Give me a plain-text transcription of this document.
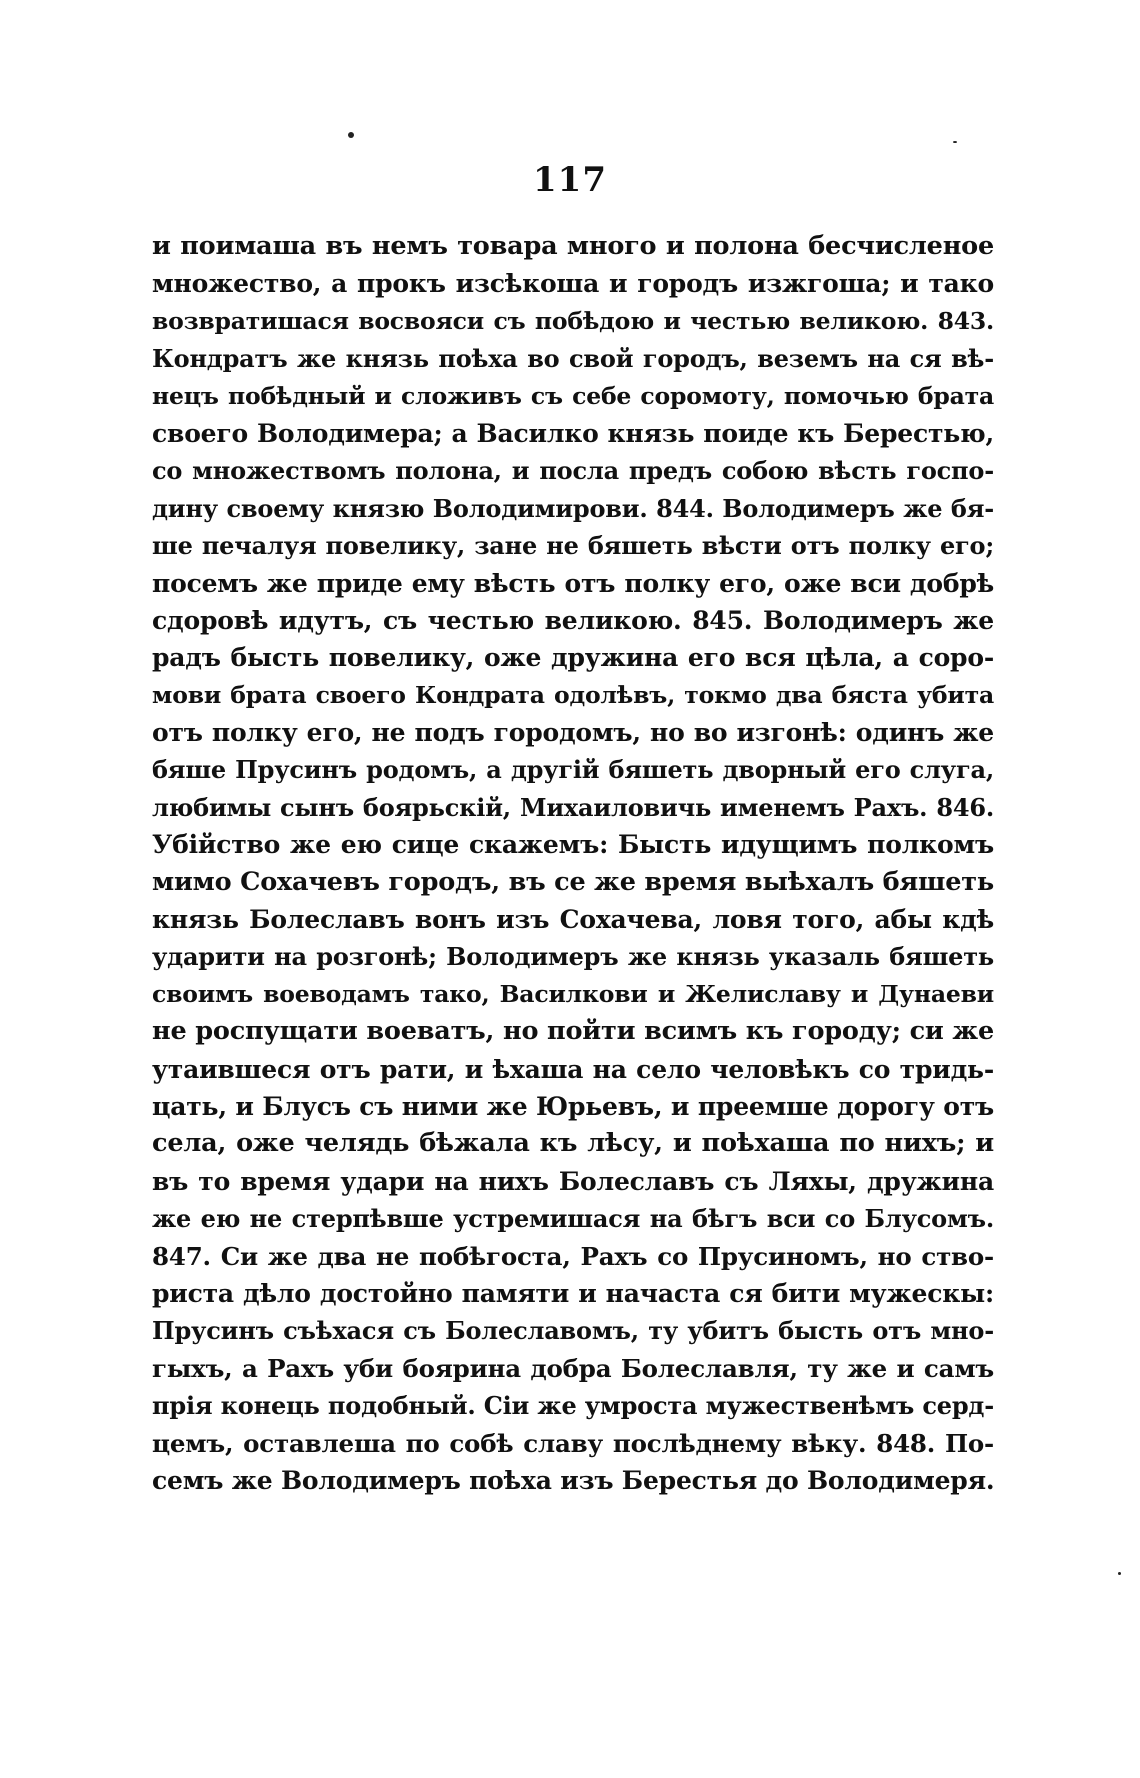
117
и поимаша въ немъ товара много и полона бесчисленое
множество, а прокъ изсѣкоша и городъ изжгоша; и тако
возвратишася восвояси съ побѣдою и честью великою. 843.
Кондратъ же князь поѣха во свой городъ, веземъ на ся вѣ-
нецъ побѣдный и сложивъ съ себе соромоту, помочью брата
своего Володимера; а Василко князь поиде къ Берестью,
со множествомъ полона, и посла предъ собою вѣсть госпо-
дину своему князю Володимирови. 844. Володимеръ же бя-
ше печалуя повелику, зане не бяшеть вѣсти отъ полку его;
посемъ же приде ему вѣсть отъ полку его, оже вси добрѣ
сдоровѣ идутъ, съ честью великою. 845. Володимеръ же
радъ бысть повелику, оже дружина его вся цѣла, а соро-
мови брата своего Кондрата одолѣвъ, токмо два бяста убита
отъ полку его, не подъ городомъ, но во изгонѣ: одинъ же
бяше Прусинъ родомъ, а другій бяшеть дворный его слуга,
любимы сынъ боярьскій, Михаиловичь именемъ Рахъ. 846.
Убійство же ею сице скажемъ: Бысть идущимъ полкомъ
мимо Сохачевъ городъ, въ се же время выѣхалъ бяшеть
князь Болеславъ вонъ изъ Сохачева, ловя того, абы кдѣ
ударити на розгонѣ; Володимеръ же князь указаль бяшеть
своимъ воеводамъ тако, Василкови и Желиславу и Дунаеви
не роспущати воеватъ, но пойти всимъ къ городу; си же
утаившеся отъ рати, и ѣхаша на село человѣкъ со тридь-
цать, и Блусъ съ ними же Юрьевъ, и преемше дорогу отъ
села, оже челядь бѣжала къ лѣсу, и поѣхаша по нихъ; и
въ то время удари на нихъ Болеславъ съ Ляхы, дружина
же ею не стерпѣвше устремишася на бѣгъ вси со Блусомъ.
847. Си же два не побѣгоста, Рахъ со Прусиномъ, но ство-
риста дѣло достойно памяти и начаста ся бити мужескы:
Прусинъ съѣхася съ Болеславомъ, ту убитъ бысть отъ мно-
гыхъ, а Рахъ уби боярина добра Болеславля, ту же и самъ
прія конець подобный. Сіи же умроста мужественѣмъ серд-
цемъ, оставлеша по собѣ славу послѣднему вѣку. 848. По-
семъ же Володимеръ поѣха изъ Берестья до Володимеря.
